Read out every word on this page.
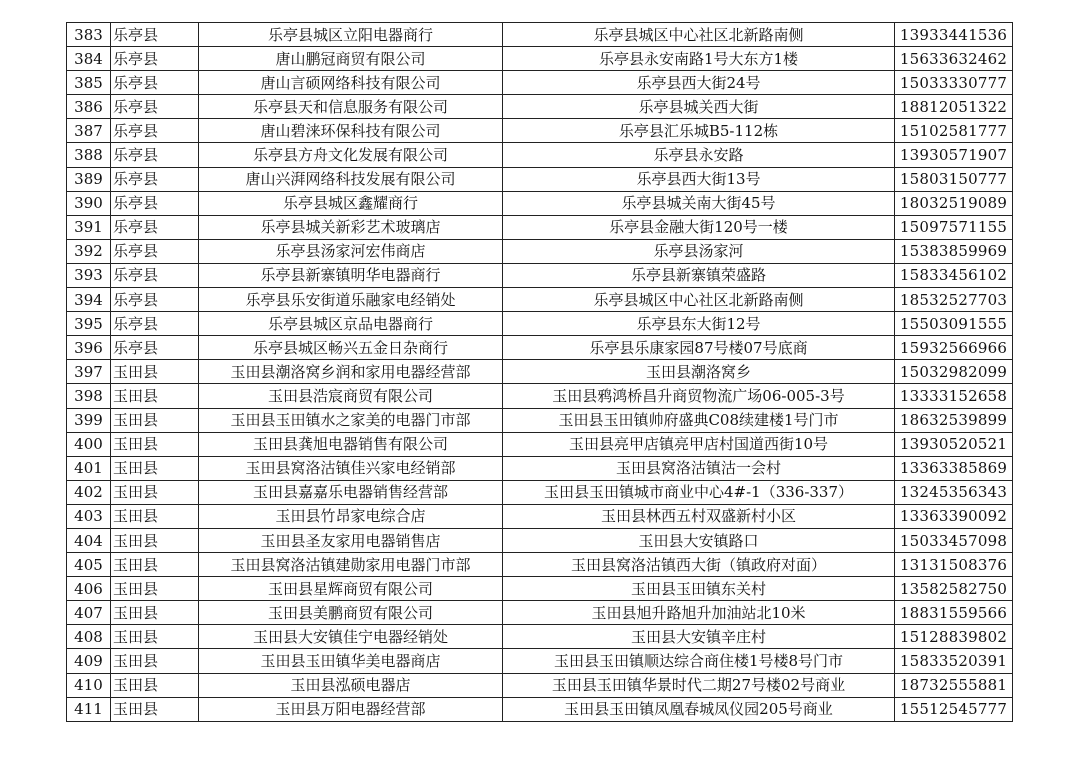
383	乐亭县	乐亭县城区立阳电器商行	乐亭县城区中心社区北新路南侧	13933441536
384	乐亭县	唐山鹏冠商贸有限公司	乐亭县永安南路1号大东方1楼	15633632462
385	乐亭县	唐山言硕网络科技有限公司	乐亭县西大街24号	15033330777
386	乐亭县	乐亭县天和信息服务有限公司	乐亭县城关西大街	18812051322
387	乐亭县	唐山碧涞环保科技有限公司	乐亭县汇乐城B5-112栋	15102581777
388	乐亭县	乐亭县方舟文化发展有限公司	乐亭县永安路	13930571907
389	乐亭县	唐山兴湃网络科技发展有限公司	乐亭县西大街13号	15803150777
390	乐亭县	乐亭县城区鑫耀商行	乐亭县城关南大街45号	18032519089
391	乐亭县	乐亭县城关新彩艺术玻璃店	乐亭县金融大街120号一楼	15097571155
392	乐亭县	乐亭县汤家河宏伟商店	乐亭县汤家河	15383859969
393	乐亭县	乐亭县新寨镇明华电器商行	乐亭县新寨镇荣盛路	15833456102
394	乐亭县	乐亭县乐安街道乐融家电经销处	乐亭县城区中心社区北新路南侧	18532527703
395	乐亭县	乐亭县城区京品电器商行	乐亭县东大街12号	15503091555
396	乐亭县	乐亭县城区畅兴五金日杂商行	乐亭县乐康家园87号楼07号底商	15932566966
397	玉田县	玉田县潮洛窝乡润和家用电器经营部	玉田县潮洛窝乡	15032982099
398	玉田县	玉田县浩宸商贸有限公司	玉田县鸦鸿桥昌升商贸物流广场06-005-3号	13333152658
399	玉田县	玉田县玉田镇水之家美的电器门市部	玉田县玉田镇帅府盛典C08续建楼1号门市	18632539899
400	玉田县	玉田县龚旭电器销售有限公司	玉田县亮甲店镇亮甲店村国道西街10号	13930520521
401	玉田县	玉田县窝洛沽镇佳兴家电经销部	玉田县窝洛沽镇沽一会村	13363385869
402	玉田县	玉田县嘉嘉乐电器销售经营部	玉田县玉田镇城市商业中心4#-1（336-337）	13245356343
403	玉田县	玉田县竹昂家电综合店	玉田县林西五村双盛新村小区	13363390092
404	玉田县	玉田县圣友家用电器销售店	玉田县大安镇路口	15033457098
405	玉田县	玉田县窝洛沽镇建勋家用电器门市部	玉田县窝洛沽镇西大街（镇政府对面）	13131508376
406	玉田县	玉田县星辉商贸有限公司	玉田县玉田镇东关村	13582582750
407	玉田县	玉田县美鹏商贸有限公司	玉田县旭升路旭升加油站北10米	18831559566
408	玉田县	玉田县大安镇佳宁电器经销处	玉田县大安镇辛庄村	15128839802
409	玉田县	玉田县玉田镇华美电器商店	玉田县玉田镇顺达综合商住楼1号楼8号门市	15833520391
410	玉田县	玉田县泓硕电器店	玉田县玉田镇华景时代二期27号楼02号商业	18732555881
411	玉田县	玉田县万阳电器经营部	玉田县玉田镇凤凰春城凤仪园205号商业	15512545777
